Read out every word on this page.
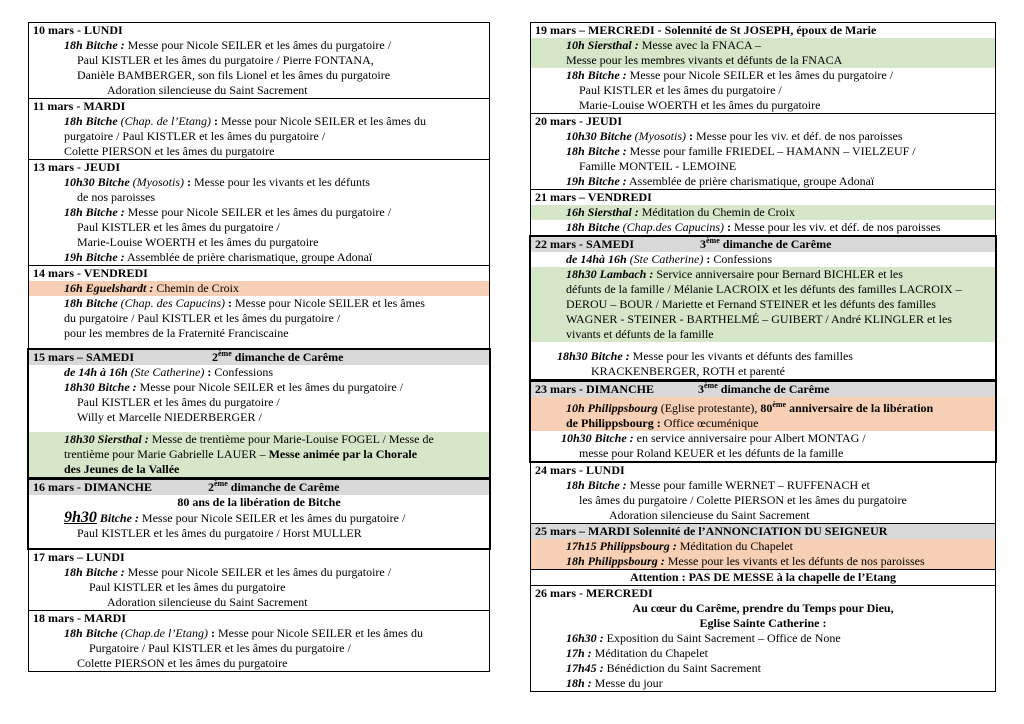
10 mars - LUNDI
18h Bitche : Messe pour Nicole SEILER et les âmes du purgatoire /
Paul KISTLER et les âmes du purgatoire / Pierre FONTANA,
Danièle BAMBERGER, son fils Lionel et les âmes du purgatoire
Adoration silencieuse du Saint Sacrement
11 mars - MARDI
18h Bitche (Chap. de l’Etang) : Messe pour Nicole SEILER et les âmes du
purgatoire / Paul KISTLER et les âmes du purgatoire /
Colette PIERSON et les âmes du purgatoire
13 mars - JEUDI
10h30 Bitche (Myosotis) : Messe pour les vivants et les défunts
de nos paroisses
18h Bitche : Messe pour Nicole SEILER et les âmes du purgatoire /
Paul KISTLER et les âmes du purgatoire /
Marie-Louise WOERTH et les âmes du purgatoire
19h Bitche : Assemblée de prière charismatique, groupe Adonaï
14 mars - VENDREDI
16h Eguelshardt : Chemin de Croix
18h Bitche (Chap. des Capucins) : Messe pour Nicole SEILER et les âmes
du purgatoire / Paul KISTLER et les âmes du purgatoire /
pour les membres de la Fraternité Franciscaine
15 mars – SAMEDI	2ème dimanche de Carême
de 14h à 16h (Ste Catherine) : Confessions
18h30 Bitche : Messe pour Nicole SEILER et les âmes du purgatoire /
Paul KISTLER et les âmes du purgatoire /
Willy et Marcelle NIEDERBERGER /
18h30 Siersthal : Messe de trentième pour Marie-Louise FOGEL / Messe de
trentième pour Marie Gabrielle LAUER – Messe animée par la Chorale
des Jeunes de la Vallée
16 mars - DIMANCHE	2ème dimanche de Carême
80 ans de la libération de Bitche
9h30 Bitche : Messe pour Nicole SEILER et les âmes du purgatoire /
Paul KISTLER et les âmes du purgatoire / Horst MULLER
17 mars – LUNDI
18h Bitche : Messe pour Nicole SEILER et les âmes du purgatoire /
Paul KISTLER et les âmes du purgatoire
Adoration silencieuse du Saint Sacrement
18 mars - MARDI
18h Bitche (Chap.de l’Etang) : Messe pour Nicole SEILER et les âmes du
Purgatoire / Paul KISTLER et les âmes du purgatoire /
Colette PIERSON et les âmes du purgatoire
19 mars – MERCREDI - Solennité de St JOSEPH, époux de Marie
10h Siersthal : Messe avec la FNACA –
Messe pour les membres vivants et défunts de la FNACA
18h Bitche : Messe pour Nicole SEILER et les âmes du purgatoire /
Paul KISTLER et les âmes du purgatoire /
Marie-Louise WOERTH et les âmes du purgatoire
20 mars - JEUDI
10h30 Bitche (Myosotis) : Messe pour les viv. et déf. de nos paroisses
18h Bitche : Messe pour famille FRIEDEL – HAMANN – VIELZEUF /
Famille MONTEIL - LEMOINE
19h Bitche : Assemblée de prière charismatique, groupe Adonaï
21 mars – VENDREDI
16h Siersthal : Méditation du Chemin de Croix
18h Bitche (Chap.des Capucins) : Messe pour les viv. et déf. de nos paroisses
22 mars - SAMEDI	3ème dimanche de Carême
de 14hà 16h (Ste Catherine) : Confessions
18h30 Lambach : Service anniversaire pour Bernard BICHLER et les
défunts de la famille / Mélanie LACROIX et les défunts des familles LACROIX –
DEROU – BOUR / Mariette et Fernand STEINER et les défunts des familles
WAGNER - STEINER - BARTHELMÉ – GUIBERT / André KLINGLER et les
vivants et défunts de la famille
18h30 Bitche : Messe pour les vivants et défunts des familles
KRACKENBERGER, ROTH et parenté
23 mars - DIMANCHE	3ème dimanche de Carême
10h Philippsbourg (Eglise protestante), 80ème anniversaire de la libération
de Philippsbourg : Office œcuménique
10h30 Bitche : en service anniversaire pour Albert MONTAG /
messe pour Roland KEUER et les défunts de la famille
24 mars - LUNDI
18h Bitche : Messe pour famille WERNET – RUFFENACH et
les âmes du purgatoire / Colette PIERSON et les âmes du purgatoire
Adoration silencieuse du Saint Sacrement
25 mars – MARDI Solennité de l’ANNONCIATION DU SEIGNEUR
17h15 Philippsbourg : Méditation du Chapelet
18h Philippsbourg : Messe pour les vivants et les défunts de nos paroisses
Attention : PAS DE MESSE à la chapelle de l’Etang
26 mars - MERCREDI
Au cœur du Carême, prendre du Temps pour Dieu,
Eglise Sainte Catherine :
16h30 : Exposition du Saint Sacrement – Office de None
17h : Méditation du Chapelet
17h45 : Bénédiction du Saint Sacrement
18h : Messe du jour
